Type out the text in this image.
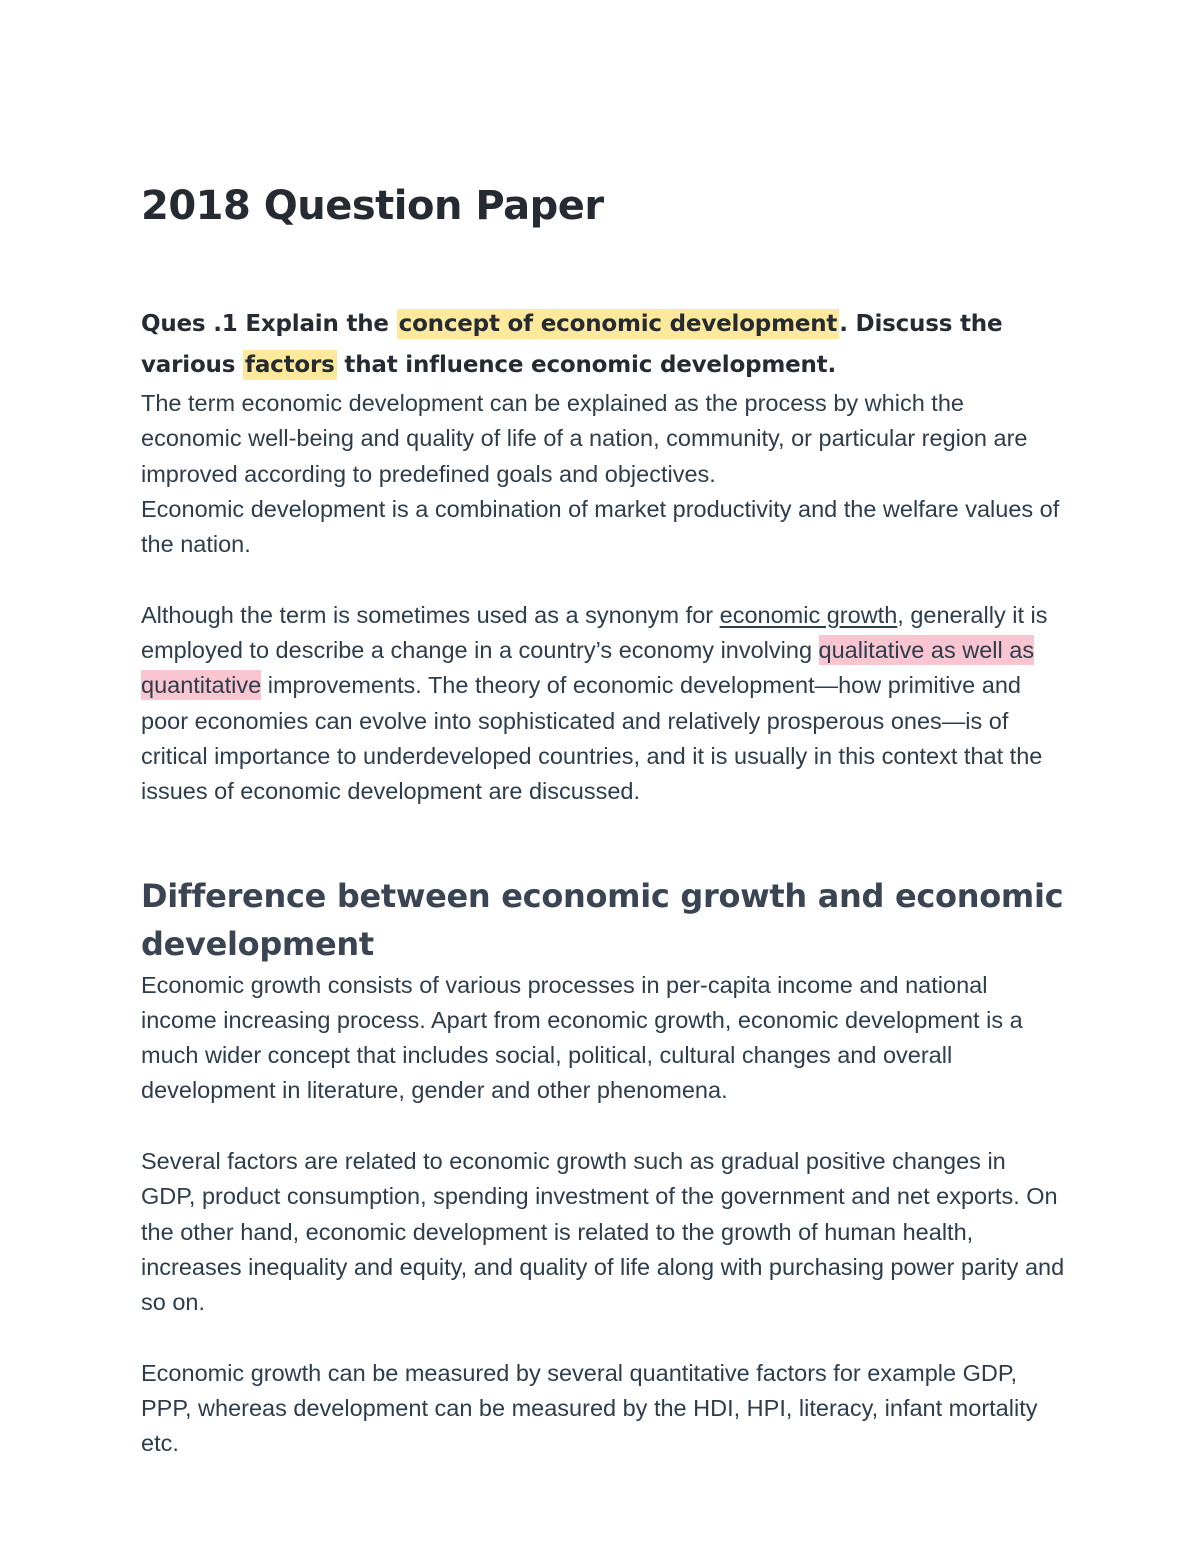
2018 Question Paper

Ques .1 Explain the concept of economic development. Discuss the various factors that influence economic development.

The term economic development can be explained as the process by which the economic well-being and quality of life of a nation, community, or particular region are improved according to predefined goals and objectives.

Economic development is a combination of market productivity and the welfare values of the nation.

Although the term is sometimes used as a synonym for economic growth, generally it is employed to describe a change in a country’s economy involving qualitative as well as quantitative improvements. The theory of economic development—how primitive and poor economies can evolve into sophisticated and relatively prosperous ones—is of critical importance to underdeveloped countries, and it is usually in this context that the issues of economic development are discussed.

Difference between economic growth and economic development

Economic growth consists of various processes in per-capita income and national income increasing process. Apart from economic growth, economic development is a much wider concept that includes social, political, cultural changes and overall development in literature, gender and other phenomena.

Several factors are related to economic growth such as gradual positive changes in GDP, product consumption, spending investment of the government and net exports. On the other hand, economic development is related to the growth of human health, increases inequality and equity, and quality of life along with purchasing power parity and so on.

Economic growth can be measured by several quantitative factors for example GDP, PPP, whereas development can be measured by the HDI, HPI, literacy, infant mortality etc.
